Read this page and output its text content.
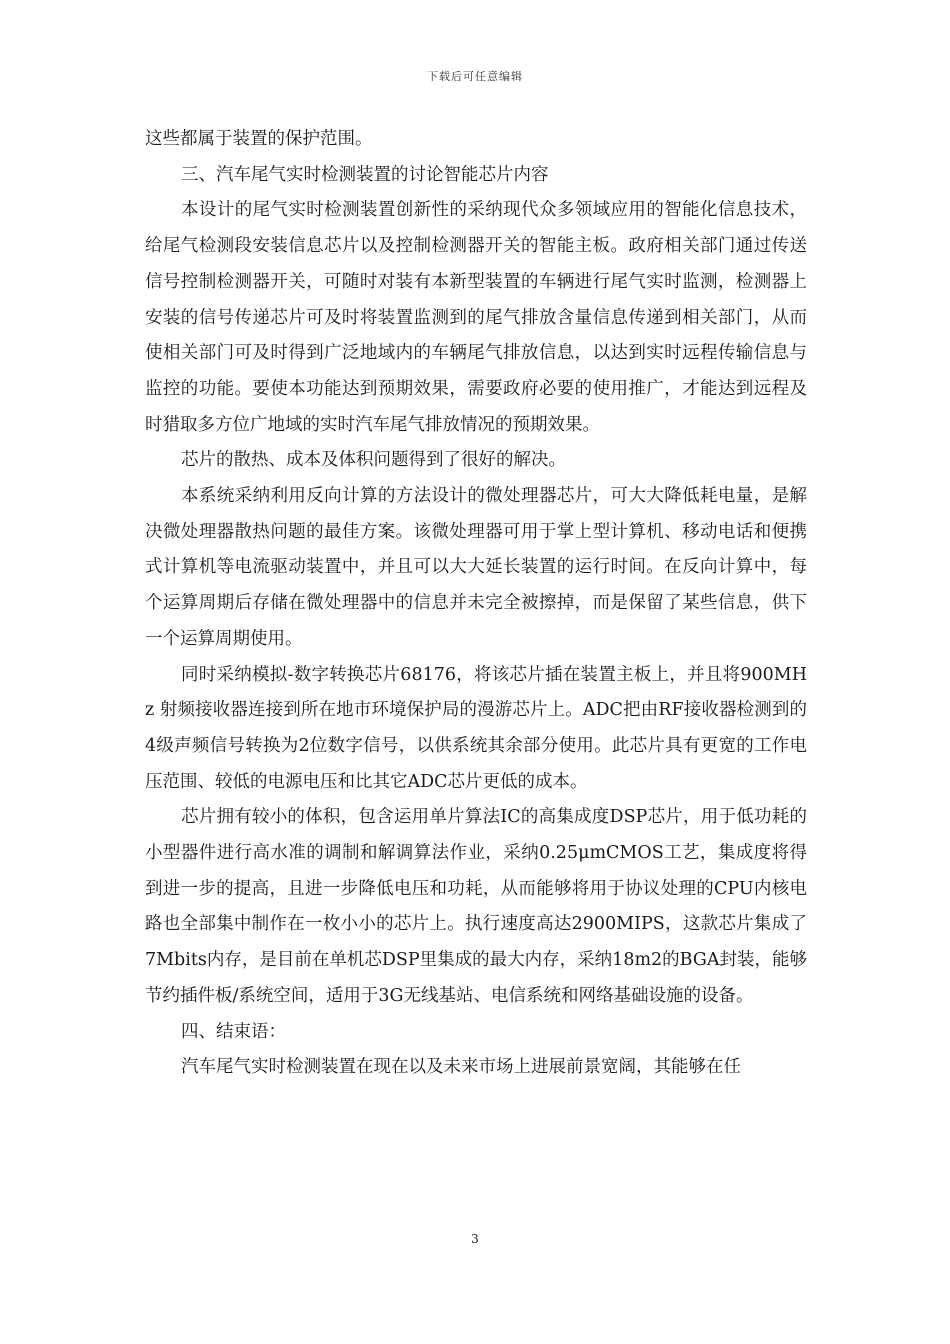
下载后可任意编辑

这些都属于装置的保护范围。

三、汽车尾气实时检测装置的讨论智能芯片内容

本设计的尾气实时检测装置创新性的采纳现代众多领域应用的智能化信息技术，给尾气检测段安装信息芯片以及控制检测器开关的智能主板。政府相关部门通过传送信号控制检测器开关，可随时对装有本新型装置的车辆进行尾气实时监测，检测器上安装的信号传递芯片可及时将装置监测到的尾气排放含量信息传递到相关部门，从而使相关部门可及时得到广泛地域内的车辆尾气排放信息，以达到实时远程传输信息与监控的功能。要使本功能达到预期效果，需要政府必要的使用推广，才能达到远程及时猎取多方位广地域的实时汽车尾气排放情况的预期效果。

芯片的散热、成本及体积问题得到了很好的解决。

本系统采纳利用反向计算的方法设计的微处理器芯片，可大大降低耗电量，是解决微处理器散热问题的最佳方案。该微处理器可用于掌上型计算机、移动电话和便携式计算机等电流驱动装置中，并且可以大大延长装置的运行时间。在反向计算中，每个运算周期后存储在微处理器中的信息并未完全被擦掉，而是保留了某些信息，供下一个运算周期使用。

同时采纳模拟-数字转换芯片68176，将该芯片插在装置主板上，并且将900MHz 射频接收器连接到所在地市环境保护局的漫游芯片上。ADC把由RF接收器检测到的4级声频信号转换为2位数字信号，以供系统其余部分使用。此芯片具有更宽的工作电压范围、较低的电源电压和比其它ADC芯片更低的成本。

芯片拥有较小的体积，包含运用单片算法IC的高集成度DSP芯片，用于低功耗的小型器件进行高水准的调制和解调算法作业，采纳0.25μmCMOS工艺，集成度将得到进一步的提高，且进一步降低电压和功耗，从而能够将用于协议处理的CPU内核电路也全部集中制作在一枚小小的芯片上。执行速度高达2900MIPS，这款芯片集成了7Mbits内存，是目前在单机芯DSP里集成的最大内存，采纳18m2的BGA封装，能够节约插件板/系统空间，适用于3G无线基站、电信系统和网络基础设施的设备。

四、结束语：

汽车尾气实时检测装置在现在以及未来市场上进展前景宽阔，其能够在任

3
